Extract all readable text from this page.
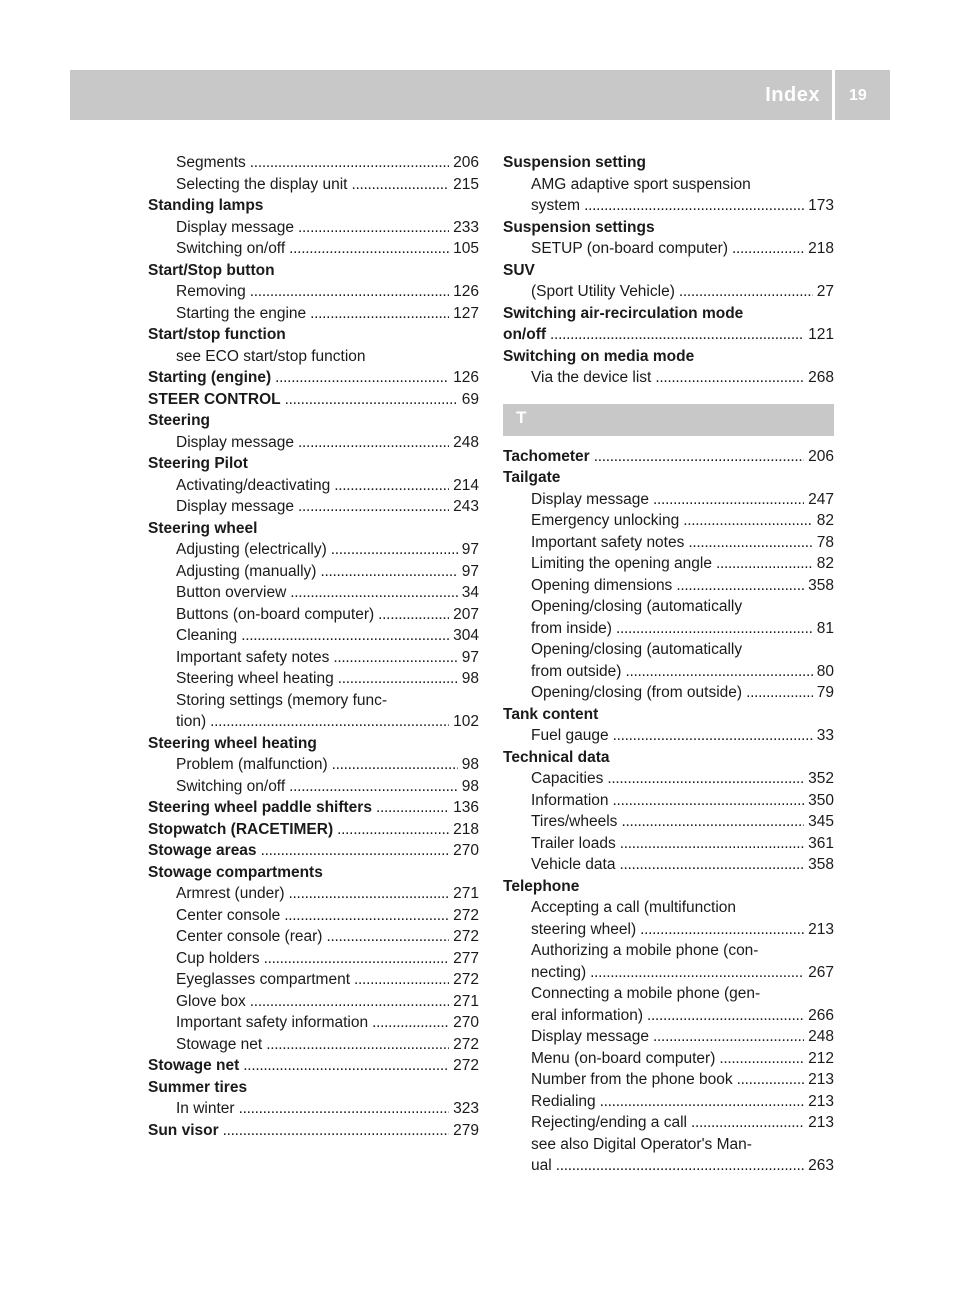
Index 19
Segments . . .	206
Selecting the display unit . . .	215
Standing lamps
Display message . . .	233
Switching on/off . . .	105
Start/Stop button
Removing . . .	126
Starting the engine . . .	127
Start/stop function
see ECO start/stop function
Starting (engine) . . .	126
STEER CONTROL . . .	69
Steering
Display message . . .	248
Steering Pilot
Activating/deactivating . . .	214
Display message . . .	243
Steering wheel
Adjusting (electrically) . . .	97
Adjusting (manually) . . .	97
Button overview . . .	34
Buttons (on-board computer) . . .	207
Cleaning . . .	304
Important safety notes . . .	97
Steering wheel heating . . .	98
Storing settings (memory func-
tion) . . .	102
Steering wheel heating
Problem (malfunction) . . .	98
Switching on/off . . .	98
Steering wheel paddle shifters . . .	136
Stopwatch (RACETIMER) . . .	218
Stowage areas . . .	270
Stowage compartments
Armrest (under) . . .	271
Center console . . .	272
Center console (rear) . . .	272
Cup holders . . .	277
Eyeglasses compartment . . .	272
Glove box . . .	271
Important safety information . . .	270
Stowage net . . .	272
Stowage net . . .	272
Summer tires
In winter . . .	323
Sun visor . . .	279
Suspension setting
AMG adaptive sport suspension
system . . .	173
Suspension settings
SETUP (on-board computer) . . .	218
SUV
(Sport Utility Vehicle) . . .	27
Switching air-recirculation mode
on/off . . .	121
Switching on media mode
Via the device list . . .	268
T
Tachometer . . .	206
Tailgate
Display message . . .	247
Emergency unlocking . . .	82
Important safety notes . . .	78
Limiting the opening angle . . .	82
Opening dimensions . . .	358
Opening/closing (automatically
from inside) . . .	81
Opening/closing (automatically
from outside) . . .	80
Opening/closing (from outside) . . .	79
Tank content
Fuel gauge . . .	33
Technical data
Capacities . . .	352
Information . . .	350
Tires/wheels . . .	345
Trailer loads . . .	361
Vehicle data . . .	358
Telephone
Accepting a call (multifunction
steering wheel) . . .	213
Authorizing a mobile phone (con-
necting) . . .	267
Connecting a mobile phone (gen-
eral information) . . .	266
Display message . . .	248
Menu (on-board computer) . . .	212
Number from the phone book . . .	213
Redialing . . .	213
Rejecting/ending a call . . .	213
see also Digital Operator's Man-
ual . . .	263
